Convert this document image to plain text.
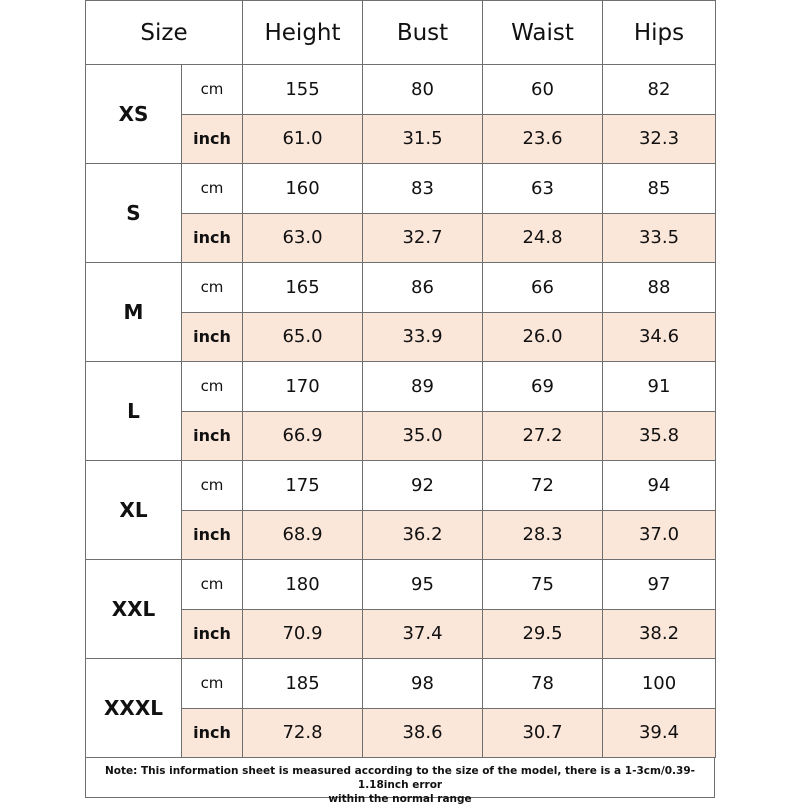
Size		Height	Bust	Waist	Hips
XS	cm	155	80	60	82
	inch	61.0	31.5	23.6	32.3
S	cm	160	83	63	85
	inch	63.0	32.7	24.8	33.5
M	cm	165	86	66	88
	inch	65.0	33.9	26.0	34.6
L	cm	170	89	69	91
	inch	66.9	35.0	27.2	35.8
XL	cm	175	92	72	94
	inch	68.9	36.2	28.3	37.0
XXL	cm	180	95	75	97
	inch	70.9	37.4	29.5	38.2
XXXL	cm	185	98	78	100
	inch	72.8	38.6	30.7	39.4
Note: This information sheet is measured according to the size of the model, there is a 1-3cm/0.39-1.18inch error
within the normal range
